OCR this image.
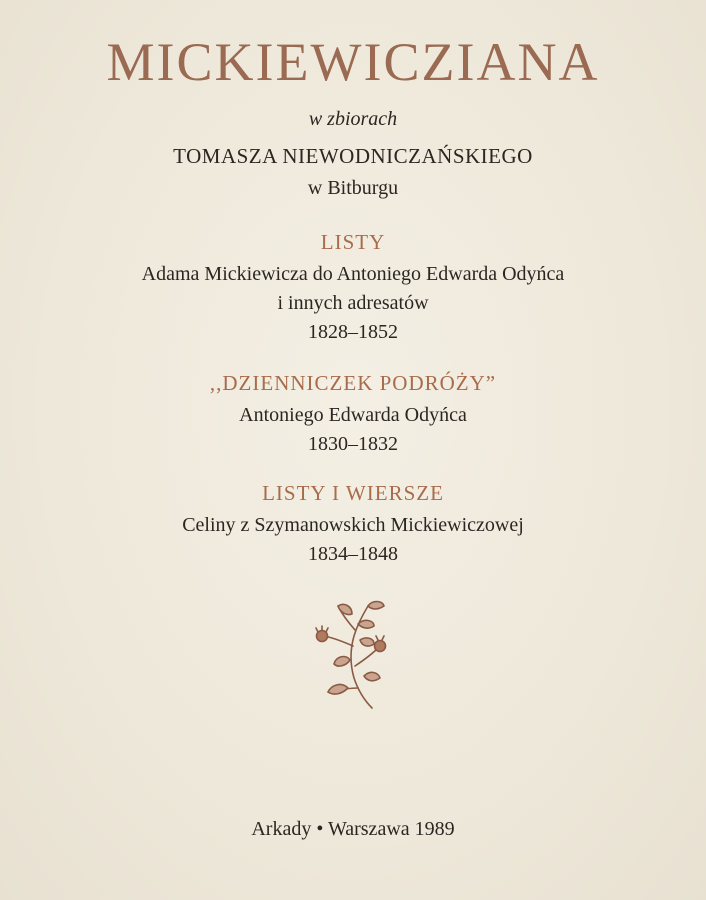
MICKIEWICZIANA
w zbiorach
TOMASZA NIEWODNICZAŃSKIEGO
w Bitburgu
LISTY
Adama Mickiewicza do Antoniego Edwarda Odyńca
i innych adresatów
1828–1852
,,DZIENNICZEK PODRÓŻY”
Antoniego Edwarda Odyńca
1830–1832
LISTY I WIERSZE
Celiny z Szymanowskich Mickiewiczowej
1834–1848
Arkady • Warszawa 1989
